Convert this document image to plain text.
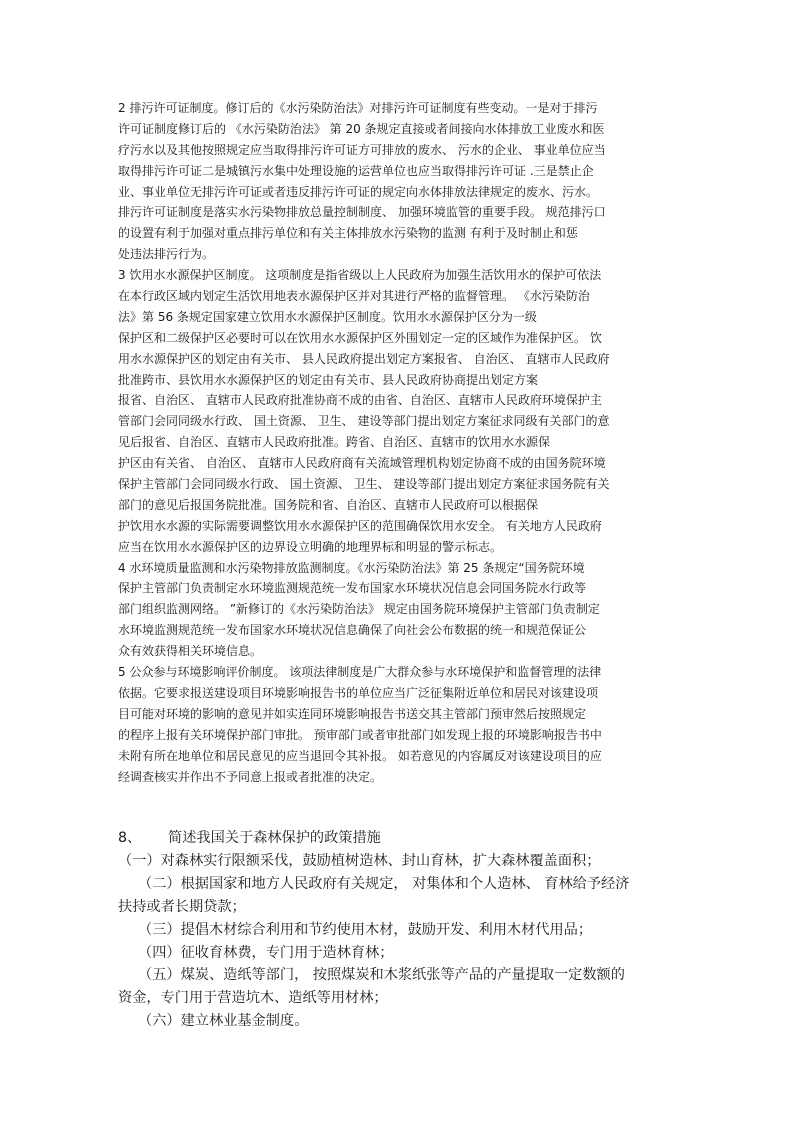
2 排污许可证制度。修订后的《水污染防治法》对排污许可证制度有些变动。一是对于排污
许可证制度修订后的 《水污染防治法》 第 20 条规定直接或者间接向水体排放工业废水和医
疗污水以及其他按照规定应当取得排污许可证方可排放的废水、 污水的企业、 事业单位应当
取得排污许可证二是城镇污水集中处理设施的运营单位也应当取得排污许可证 .三是禁止企
业、事业单位无排污许可证或者违反排污许可证的规定向水体排放法律规定的废水、污水。
排污许可证制度是落实水污染物排放总量控制制度、 加强环境监管的重要手段。 规范排污口
的设置有利于加强对重点排污单位和有关主体排放水污染物的监测 有利于及时制止和惩
处违法排污行为。
3 饮用水水源保护区制度。 这项制度是指省级以上人民政府为加强生活饮用水的保护可依法
在本行政区域内划定生活饮用地表水源保护区并对其进行严格的监督管理。 《水污染防治
法》第 56 条规定国家建立饮用水水源保护区制度。饮用水水源保护区分为一级
保护区和二级保护区必要时可以在饮用水水源保护区外围划定一定的区域作为准保护区。 饮
用水水源保护区的划定由有关市、 县人民政府提出划定方案报省、 自治区、 直辖市人民政府
批准跨市、县饮用水水源保护区的划定由有关市、县人民政府协商提出划定方案
报省、自治区、 直辖市人民政府批准协商不成的由省、自治区、直辖市人民政府环境保护主
管部门会同同级水行政、 国土资源、 卫生、 建设等部门提出划定方案征求同级有关部门的意
见后报省、自治区、直辖市人民政府批准。跨省、自治区、直辖市的饮用水水源保
护区由有关省、 自治区、 直辖市人民政府商有关流域管理机构划定协商不成的由国务院环境
保护主管部门会同同级水行政、 国土资源、 卫生、 建设等部门提出划定方案征求国务院有关
部门的意见后报国务院批准。国务院和省、自治区、直辖市人民政府可以根据保
护饮用水水源的实际需要调整饮用水水源保护区的范围确保饮用水安全。 有关地方人民政府
应当在饮用水水源保护区的边界设立明确的地理界标和明显的警示标志。
4 水环境质量监测和水污染物排放监测制度。《水污染防治法》第 25 条规定“国务院环境
保护主管部门负责制定水环境监测规范统一发布国家水环境状况信息会同国务院水行政等
部门组织监测网络。 ”新修订的《水污染防治法》 规定由国务院环境保护主管部门负责制定
水环境监测规范统一发布国家水环境状况信息确保了向社会公布数据的统一和规范保证公
众有效获得相关环境信息。
5 公众参与环境影响评价制度。 该项法律制度是广大群众参与水环境保护和监督管理的法律
依据。它要求报送建设项目环境影响报告书的单位应当广泛征集附近单位和居民对该建设项
目可能对环境的影响的意见并如实连同环境影响报告书送交其主管部门预审然后按照规定
的程序上报有关环境保护部门审批。 预审部门或者审批部门如发现上报的环境影响报告书中
未附有所在地单位和居民意见的应当退回令其补报。 如若意见的内容属反对该建设项目的应
经调查核实并作出不予同意上报或者批准的决定。
8、 简述我国关于森林保护的政策措施
（一）对森林实行限额采伐，鼓励植树造林、封山育林，扩大森林覆盖面积；
（二）根据国家和地方人民政府有关规定， 对集体和个人造林、 育林给予经济
扶持或者长期贷款；
（三）提倡木材综合利用和节约使用木材，鼓励开发、利用木材代用品；
（四）征收育林费，专门用于造林育林；
（五）煤炭、造纸等部门， 按照煤炭和木浆纸张等产品的产量提取一定数额的
资金，专门用于营造坑木、造纸等用材林；
（六）建立林业基金制度。
